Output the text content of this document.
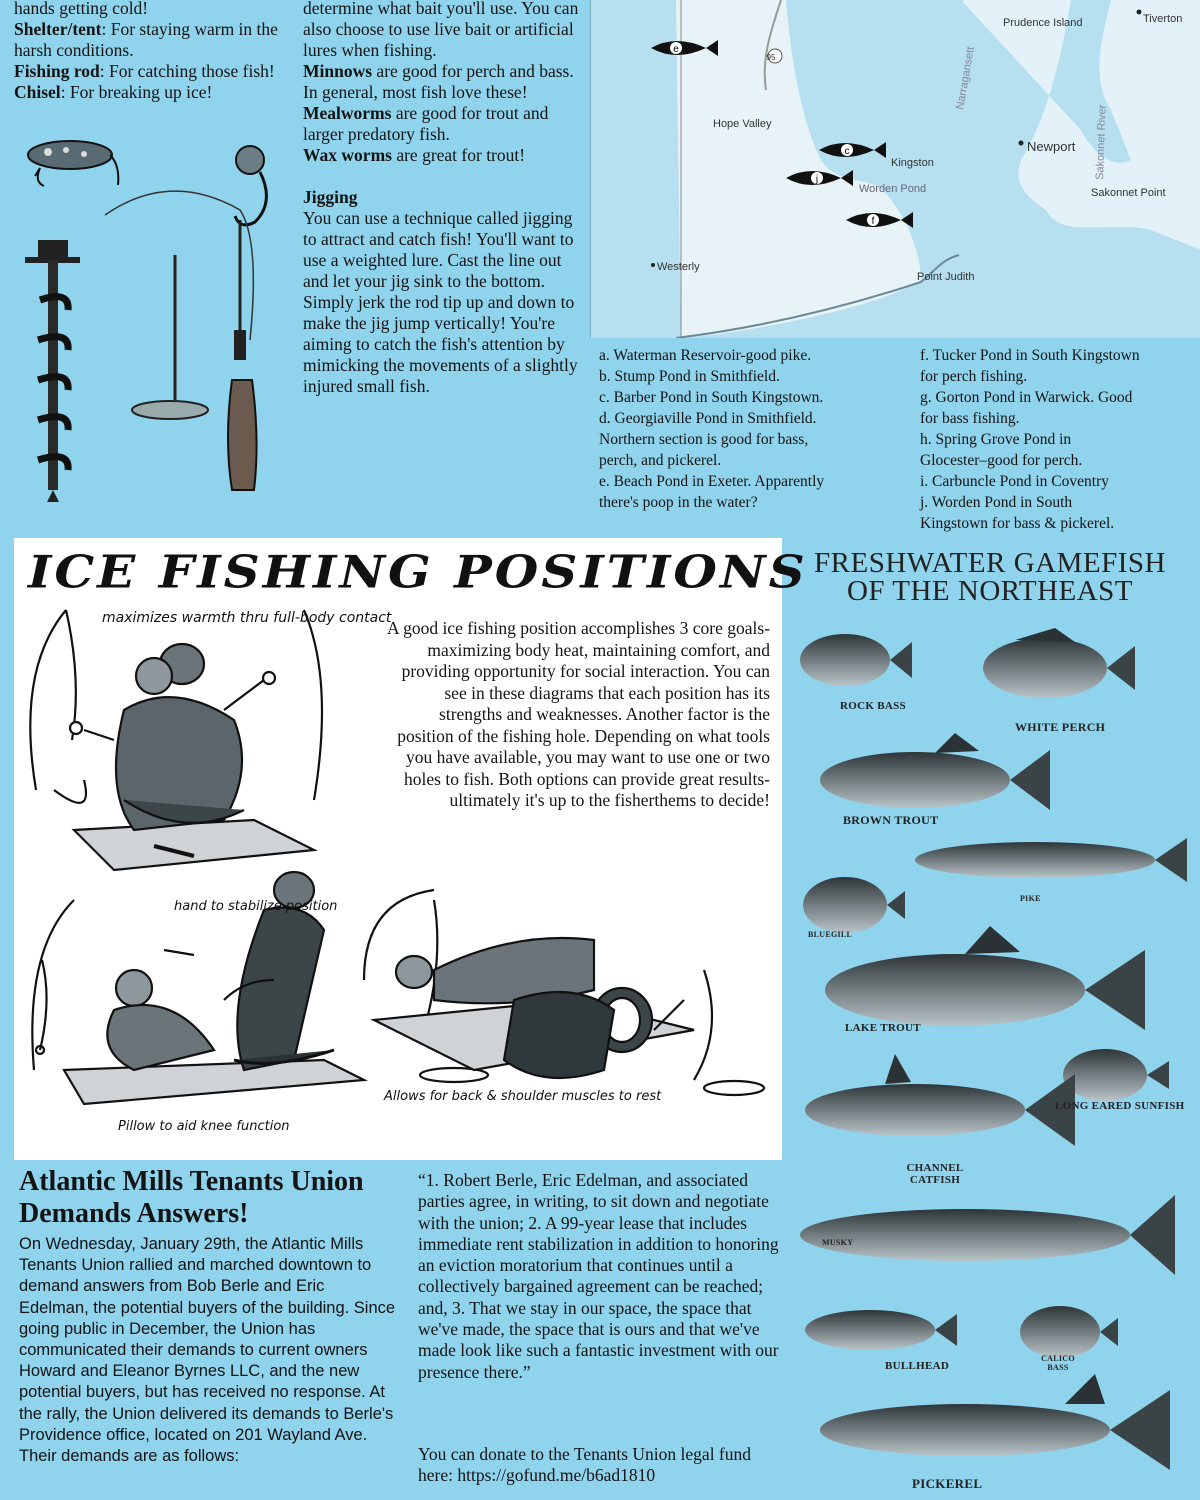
hands getting cold!

Shelter/tent: For staying warm in the harsh conditions.

Fishing rod: For catching those fish!

Chisel: For breaking up ice!

determine what bait you'll use. You can also choose to use live bait or artificial lures when fishing.

Minnows are good for perch and bass. In general, most fish love these!

Mealworms are good for trout and larger predatory fish.

Wax worms are great for trout!

Jigging

You can use a technique called jigging to attract and catch fish! You'll want to use a weighted lure. Cast the line out and let your jig sink to the bottom. Simply jerk the rod tip up and down to make the jig jump vertically! You're aiming to catch the fish's attention by mimicking the movements of a slightly injured small fish.

e
c
j
f
Prudence Island	Tiverton
Hope Valley
Kingston
Worden Pond
Newport
Sakonnet Point
Westerly
Point Judith
95	Narragansett
Sakonnet River
a. Waterman Reservoir-good pike.
b. Stump Pond in Smithfield.
c. Barber Pond in South Kingstown.
d. Georgiaville Pond in Smithfield.
Northern section is good for bass,
perch, and pickerel.
e. Beach Pond in Exeter. Apparently
there's poop in the water?
f. Tucker Pond in South Kingstown
for perch fishing.
g. Gorton Pond in Warwick. Good
for bass fishing.
h. Spring Grove Pond in
Glocester–good for perch.
i. Carbuncle Pond in Coventry
j. Worden Pond in South
Kingstown for bass & pickerel.
ICE FISHING POSITIONS
A good ice fishing position accomplishes 3 core goals-maximizing body heat, maintaining comfort, and providing opportunity for social interaction. You can see in these diagrams that each position has its strengths and weaknesses. Another factor is the position of the fishing hole. Depending on what tools you have available, you may want to use one or two holes to fish. Both options can provide great results-ultimately it's up to the fisherthems to decide!
maximizes warmth thru full-body contact
hand to stabilize position
Pillow to aid knee function
Allows for back & shoulder muscles to rest
FRESHWATER GAMEFISH
OF THE NORTHEAST
ROCK BASS
WHITE PERCH
BROWN TROUT
PIKE
BLUEGILL
LAKE TROUT
LONG EARED SUNFISH
CHANNEL CATFISH
MUSKY
BULLHEAD
CALICO BASS
PICKEREL
Atlantic Mills Tenants Union Demands Answers!
On Wednesday, January 29th, the Atlantic Mills Tenants Union rallied and marched downtown to demand answers from Bob Berle and Eric Edelman, the potential buyers of the building. Since going public in December, the Union has communicated their demands to current owners Howard and Eleanor Byrnes LLC, and the new potential buyers, but has received no response. At the rally, the Union delivered its demands to Berle's Providence office, located on 201 Wayland Ave. Their demands are as follows:
“1. Robert Berle, Eric Edelman, and associated parties agree, in writing, to sit down and negotiate with the union; 2. A 99-year lease that includes immediate rent stabilization in addition to honoring an eviction moratorium that continues until a collectively bargained agreement can be reached; and, 3. That we stay in our space, the space that we've made, the space that is ours and that we've made look like such a fantastic investment with our presence there.”
You can donate to the Tenants Union legal fund here: https://gofund.me/b6ad1810
